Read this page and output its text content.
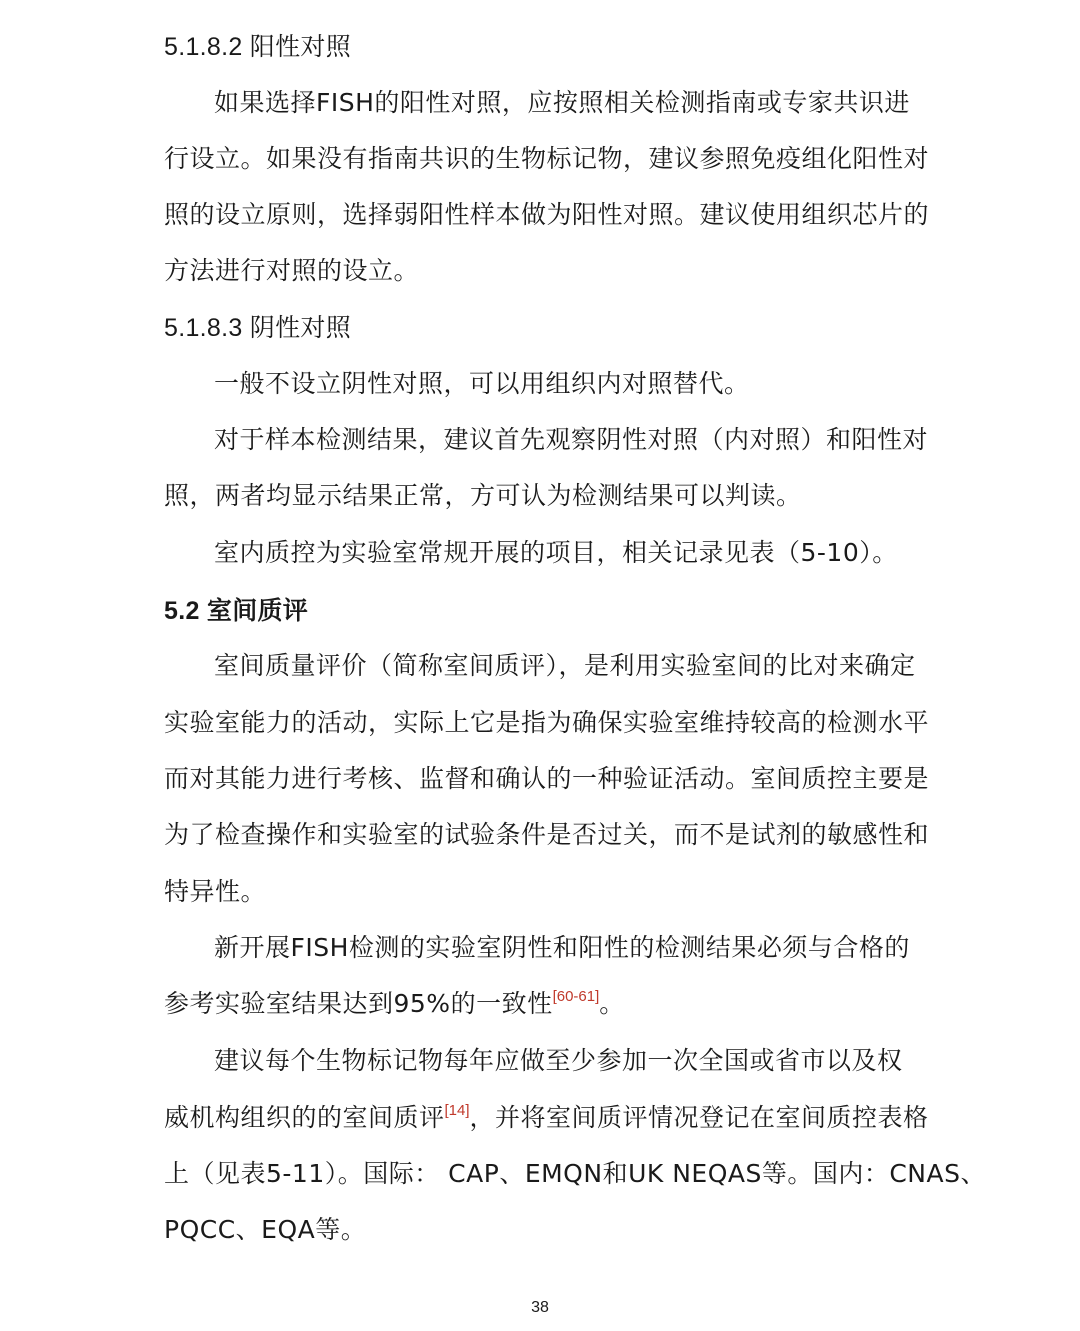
5.1.8.2 阳性对照
如果选择FISH的阳性对照，应按照相关检测指南或专家共识进
行设立。如果没有指南共识的生物标记物，建议参照免疫组化阳性对
照的设立原则，选择弱阳性样本做为阳性对照。建议使用组织芯片的
方法进行对照的设立。
5.1.8.3 阴性对照
一般不设立阴性对照，可以用组织内对照替代。
对于样本检测结果，建议首先观察阴性对照（内对照）和阳性对
照，两者均显示结果正常，方可认为检测结果可以判读。
室内质控为实验室常规开展的项目，相关记录见表（5-10）。
5.2 室间质评
室间质量评价（简称室间质评），是利用实验室间的比对来确定
实验室能力的活动，实际上它是指为确保实验室维持较高的检测水平
而对其能力进行考核、监督和确认的一种验证活动。室间质控主要是
为了检查操作和实验室的试验条件是否过关，而不是试剂的敏感性和
特异性。
新开展FISH检测的实验室阴性和阳性的检测结果必须与合格的
参考实验室结果达到95%的一致性[60-61]。
建议每个生物标记物每年应做至少参加一次全国或省市以及权
威机构组织的的室间质评[14]，并将室间质评情况登记在室间质控表格
上（见表5-11）。国际： CAP、EMQN和UK NEQAS等。国内：CNAS、
PQCC、EQA等。
38
